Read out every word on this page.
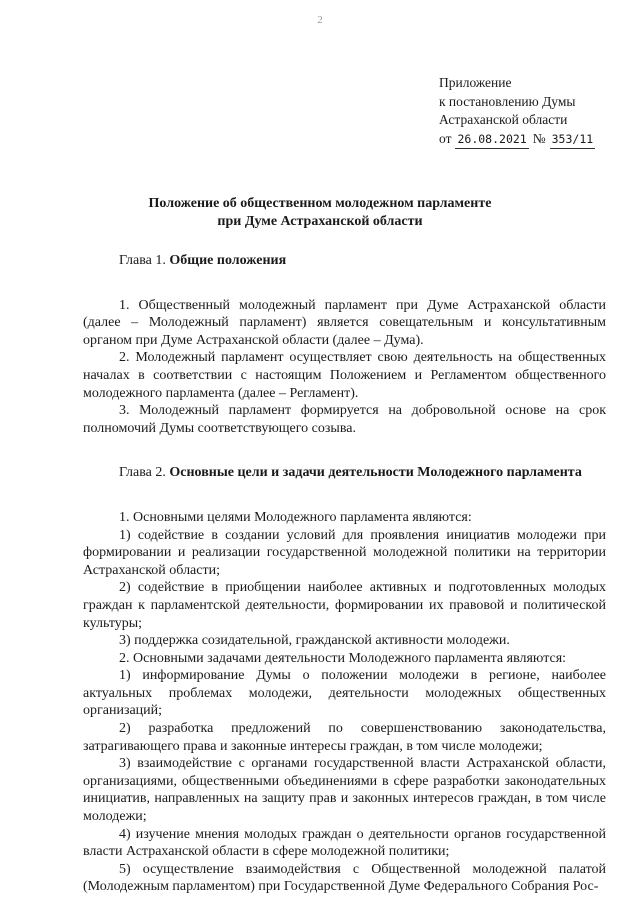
2
Приложение
к постановлению Думы
Астраханской области
от 26.08.2021 № 353/11
Положение об общественном молодежном парламенте
при Думе Астраханской области

Глава 1. Общие положения

1. Общественный молодежный парламент при Думе Астраханской области (далее – Молодежный парламент) является совещательным и консультативным органом при Думе Астраханской области (далее – Дума).

2. Молодежный парламент осуществляет свою деятельность на общественных началах в соответствии с настоящим Положением и Регламентом общественного молодежного парламента (далее – Регламент).

3. Молодежный парламент формируется на добровольной основе на срок полномочий Думы соответствующего созыва.

Глава 2. Основные цели и задачи деятельности Молодежного парламента

1. Основными целями Молодежного парламента являются:

1) содействие в создании условий для проявления инициатив молодежи при формировании и реализации государственной молодежной политики на территории Астраханской области;

2) содействие в приобщении наиболее активных и подготовленных молодых граждан к парламентской деятельности, формировании их правовой и политической культуры;

3) поддержка созидательной, гражданской активности молодежи.

2. Основными задачами деятельности Молодежного парламента являются:

1) информирование Думы о положении молодежи в регионе, наиболее актуальных проблемах молодежи, деятельности молодежных общественных организаций;

2) разработка предложений по совершенствованию законодательства, затрагивающего права и законные интересы граждан, в том числе молодежи;

3) взаимодействие с органами государственной власти Астраханской области, организациями, общественными объединениями в сфере разработки законодательных инициатив, направленных на защиту прав и законных интересов граждан, в том числе молодежи;

4) изучение мнения молодых граждан о деятельности органов государственной власти Астраханской области в сфере молодежной политики;

5) осуществление взаимодействия с Общественной молодежной палатой (Молодежным парламентом) при Государственной Думе Федерального Собрания Рос-
